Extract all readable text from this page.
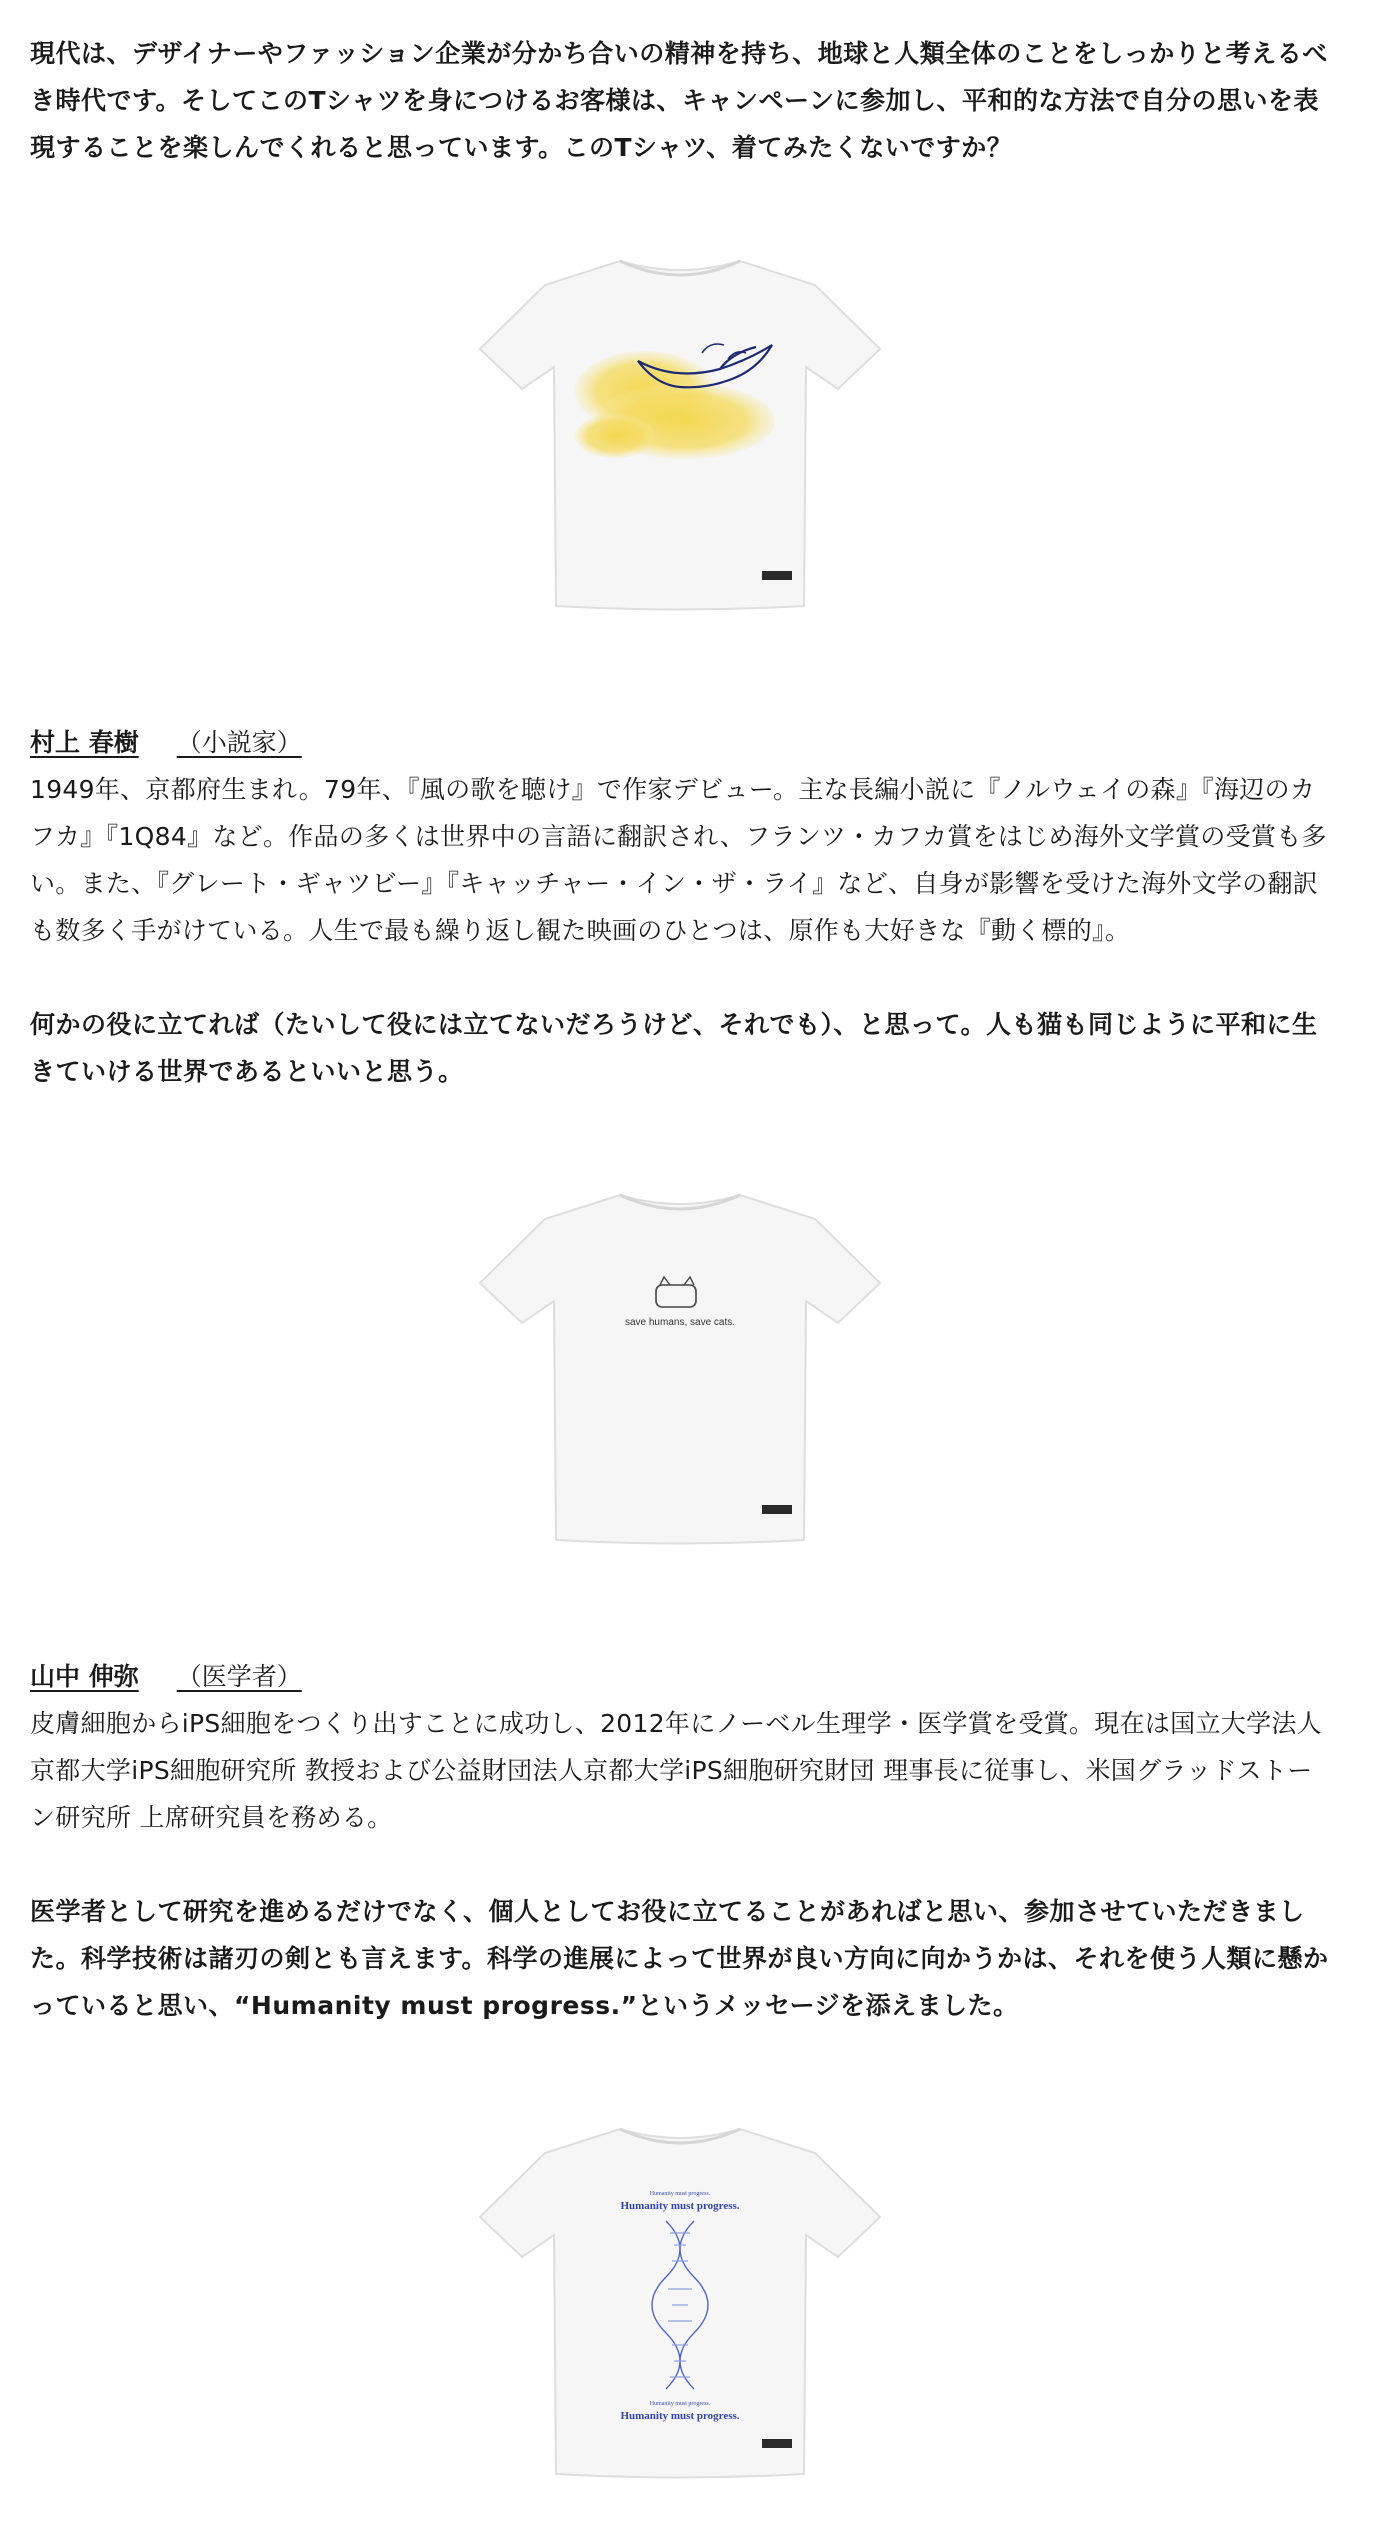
現代は、デザイナーやファッション企業が分かち合いの精神を持ち、地球と人類全体のことをしっかりと考えるべき時代です。そしてこのTシャツを身につけるお客様は、キャンペーンに参加し、平和的な方法で自分の思いを表現することを楽しんでくれると思っています。このTシャツ、着てみたくないですか？

村上 春樹 （小説家）

1949年、京都府生まれ。79年、『風の歌を聴け』で作家デビュー。主な長編小説に『ノルウェイの森』『海辺のカフカ』『1Q84』など。作品の多くは世界中の言語に翻訳され、フランツ・カフカ賞をはじめ海外文学賞の受賞も多い。また、『グレート・ギャツビー』『キャッチャー・イン・ザ・ライ』など、自身が影響を受けた海外文学の翻訳も数多く手がけている。人生で最も繰り返し観た映画のひとつは、原作も大好きな『動く標的』。

何かの役に立てれば（たいして役には立てないだろうけど、それでも）、と思って。人も猫も同じように平和に生きていける世界であるといいと思う。

save humans, save cats.

山中 伸弥 （医学者）

皮膚細胞からiPS細胞をつくり出すことに成功し、2012年にノーベル生理学・医学賞を受賞。現在は国立大学法人京都大学iPS細胞研究所 教授および公益財団法人京都大学iPS細胞研究財団 理事長に従事し、米国グラッドストーン研究所 上席研究員を務める。

医学者として研究を進めるだけでなく、個人としてお役に立てることがあればと思い、参加させていただきました。科学技術は諸刃の剣とも言えます。科学の進展によって世界が良い方向に向かうかは、それを使う人類に懸かっていると思い、“Humanity must progress.”というメッセージを添えました。

Humanity must progress.
Humanity must progress.
Humanity must progress.
Humanity must progress.
